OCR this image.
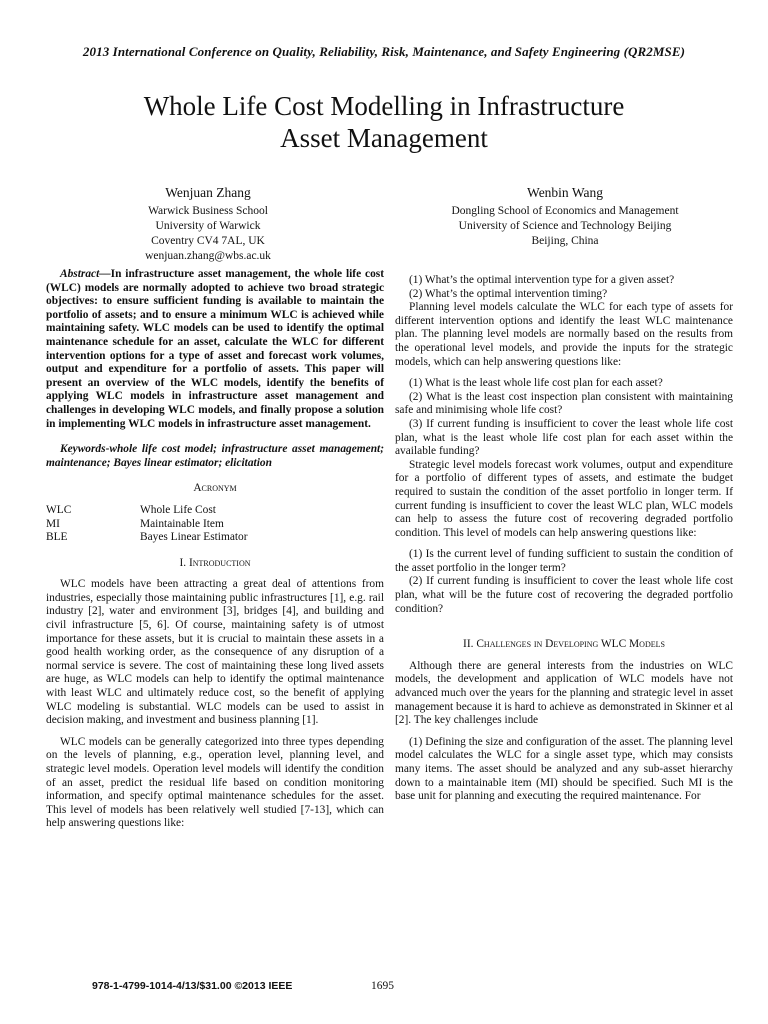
2013 International Conference on Quality, Reliability, Risk, Maintenance, and Safety Engineering (QR2MSE)
Whole Life Cost Modelling in Infrastructure
Asset Management
Wenjuan Zhang
Warwick Business School
University of Warwick
Coventry CV4 7AL, UK
wenjuan.zhang@wbs.ac.uk
Wenbin Wang
Dongling School of Economics and Management
University of Science and Technology Beijing
Beijing, China

Abstract—In infrastructure asset management, the whole life cost (WLC) models are normally adopted to achieve two broad strategic objectives: to ensure sufficient funding is available to maintain the portfolio of assets; and to ensure a minimum WLC is achieved while maintaining safety. WLC models can be used to identify the optimal maintenance schedule for an asset, calculate the WLC for different intervention options for a type of asset and forecast work volumes, output and expenditure for a portfolio of assets. This paper will present an overview of the WLC models, identify the benefits of applying WLC models in infrastructure asset management and challenges in developing WLC models, and finally propose a solution in implementing WLC models in infrastructure asset management.

Keywords-whole life cost model; infrastructure asset management; maintenance; Bayes linear estimator; elicitation

Acronym
WLC	Whole Life Cost
MI	Maintainable Item
BLE	Bayes Linear Estimator
I. Introduction

WLC models have been attracting a great deal of attentions from industries, especially those maintaining public infrastructures [1], e.g. rail industry [2], water and environment [3], bridges [4], and building and civil infrastructure [5, 6]. Of course, maintaining safety is of utmost importance for these assets, but it is crucial to maintain these assets in a good health working order, as the consequence of any disruption of a normal service is severe. The cost of maintaining these long lived assets are huge, as WLC models can help to identify the optimal maintenance with least WLC and ultimately reduce cost, so the benefit of applying WLC modeling is substantial. WLC models can be used to assist in decision making, and investment and business planning [1].

WLC models can be generally categorized into three types depending on the levels of planning, e.g., operation level, planning level, and strategic level models. Operation level models will identify the condition of an asset, predict the residual life based on condition monitoring information, and specify optimal maintenance schedules for the asset. This level of models has been relatively well studied [7-13], which can help answering questions like:

(1) What’s the optimal intervention type for a given asset?

(2) What’s the optimal intervention timing?

Planning level models calculate the WLC for each type of assets for different intervention options and identify the least WLC maintenance plan. The planning level models are normally based on the results from the operational level models, and provide the inputs for the strategic models, which can help answering questions like:

(1) What is the least whole life cost plan for each asset?

(2) What is the least cost inspection plan consistent with maintaining safe and minimising whole life cost?

(3) If current funding is insufficient to cover the least whole life cost plan, what is the least whole life cost plan for each asset within the available funding?

Strategic level models forecast work volumes, output and expenditure for a portfolio of different types of assets, and estimate the budget required to sustain the condition of the asset portfolio in longer term. If current funding is insufficient to cover the least WLC plan, WLC models can help to assess the future cost of recovering degraded portfolio condition. This level of models can help answering questions like:

(1) Is the current level of funding sufficient to sustain the condition of the asset portfolio in the longer term?

(2) If current funding is insufficient to cover the least whole life cost plan, what will be the future cost of recovering the degraded portfolio condition?

II. Challenges in Developing WLC Models

Although there are general interests from the industries on WLC models, the development and application of WLC models have not advanced much over the years for the planning and strategic level in asset management because it is hard to achieve as demonstrated in Skinner et al [2]. The key challenges include

(1) Defining the size and configuration of the asset. The planning level model calculates the WLC for a single asset type, which may consists many items. The asset should be analyzed and any sub-asset hierarchy down to a maintainable item (MI) should be specified. Such MI is the base unit for planning and executing the required maintenance. For

978-1-4799-1014-4/13/$31.00 ©2013 IEEE	1695
